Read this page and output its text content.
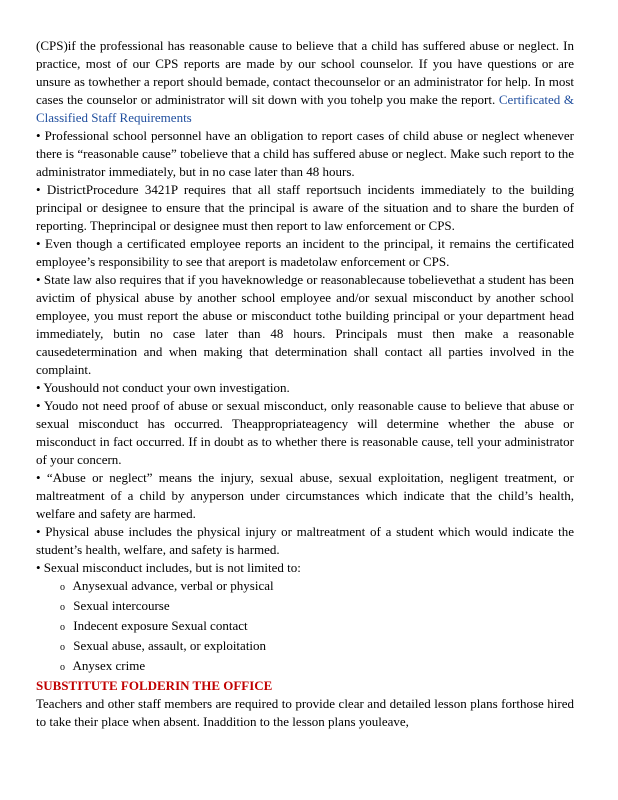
(CPS)if the professional has reasonable cause to believe that a child has suffered abuse or neglect. In practice, most of our CPS reports are made by our school counselor. If you have questions or are unsure as towhether a report should bemade, contact thecounselor or an administrator for help. In most cases the counselor or administrator will sit down with you tohelp you make the report. Certificated & Classified Staff Requirements

• Professional school personnel have an obligation to report cases of child abuse or neglect whenever there is “reasonable cause” tobelieve that a child has suffered abuse or neglect. Make such report to the administrator immediately, but in no case later than 48 hours.

• DistrictProcedure 3421P requires that all staff reportsuch incidents immediately to the building principal or designee to ensure that the principal is aware of the situation and to share the burden of reporting. Theprincipal or designee must then report to law enforcement or CPS.

• Even though a certificated employee reports an incident to the principal, it remains the certificated employee’s responsibility to see that areport is madetolaw enforcement or CPS.

• State law also requires that if you haveknowledge or reasonablecause tobelievethat a student has been avictim of physical abuse by another school employee and/or sexual misconduct by another school employee, you must report the abuse or misconduct tothe building principal or your department head immediately, butin no case later than 48 hours. Principals must then make a reasonable causedetermination and when making that determination shall contact all parties involved in the complaint.

• Youshould not conduct your own investigation.

• Youdo not need proof of abuse or sexual misconduct, only reasonable cause to believe that abuse or sexual misconduct has occurred. Theappropriateagency will determine whether the abuse or misconduct in fact occurred. If in doubt as to whether there is reasonable cause, tell your administrator of your concern.

• “Abuse or neglect” means the injury, sexual abuse, sexual exploitation, negligent treatment, or maltreatment of a child by anyperson under circumstances which indicate that the child’s health, welfare and safety are harmed.

• Physical abuse includes the physical injury or maltreatment of a student which would indicate the student’s health, welfare, and safety is harmed.

• Sexual misconduct includes, but is not limited to:

o Anysexual advance, verbal or physical
o Sexual intercourse
o Indecent exposure Sexual contact
o Sexual abuse, assault, or exploitation
o Anysex crime

SUBSTITUTE FOLDERIN THE OFFICE

Teachers and other staff members are required to provide clear and detailed lesson plans forthose hired to take their place when absent. Inaddition to the lesson plans youleave,
